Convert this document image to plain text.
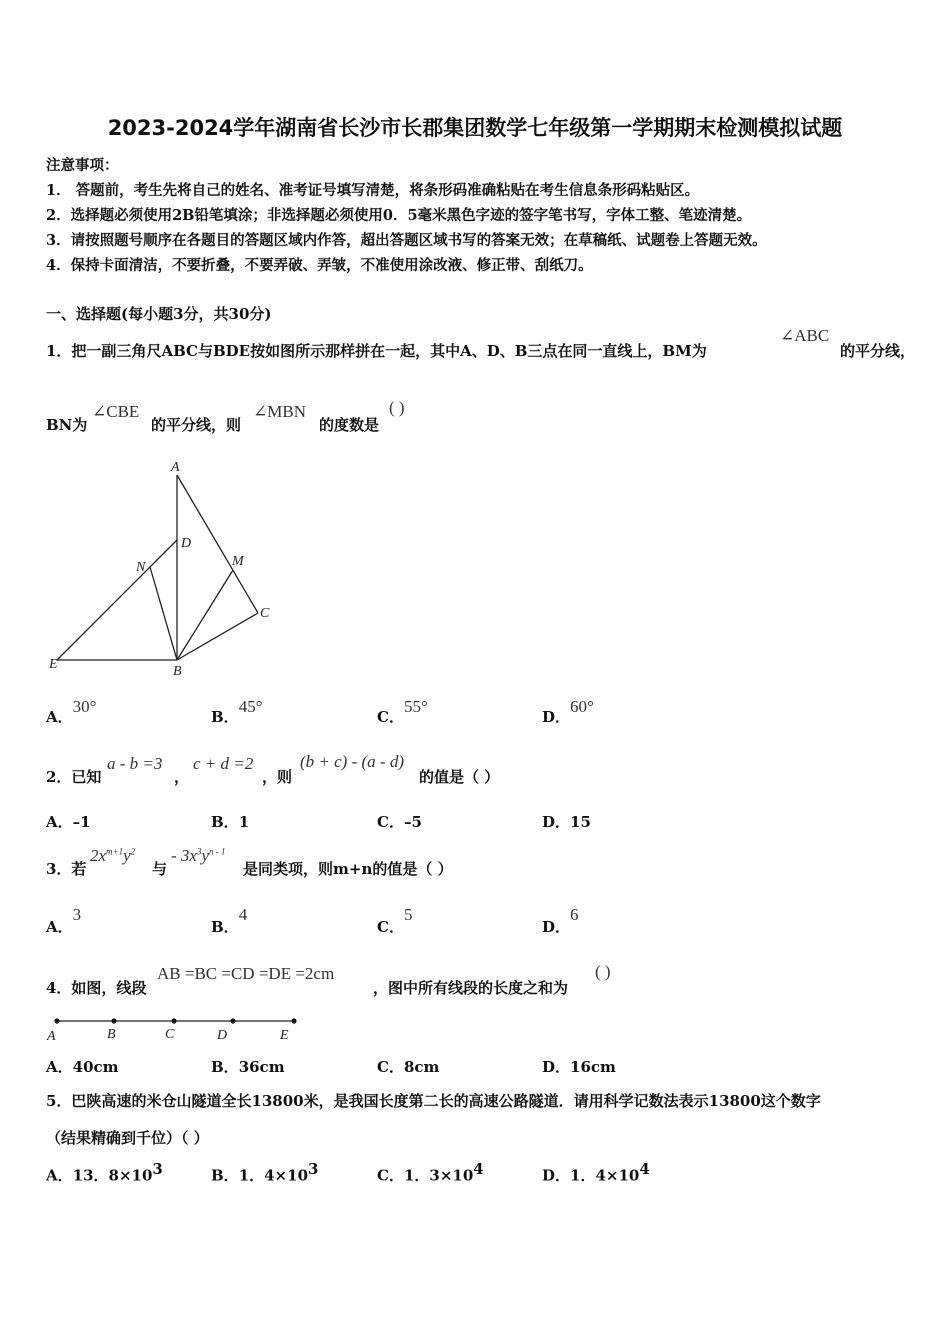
2023-2024学年湖南省长沙市长郡集团数学七年级第一学期期末检测模拟试题
注意事项：
1． 答题前，考生先将自己的姓名、准考证号填写清楚，将条形码准确粘贴在考生信息条形码粘贴区。
2．选择题必须使用2B铅笔填涂；非选择题必须使用0．5毫米黑色字迹的签字笔书写，字体工整、笔迹清楚。
3．请按照题号顺序在各题目的答题区域内作答，超出答题区域书写的答案无效；在草稿纸、试题卷上答题无效。
4．保持卡面清洁，不要折叠，不要弄破、弄皱，不准使用涂改液、修正带、刮纸刀。
一、选择题(每小题3分，共30分)
1．把一副三角尺ABC与BDE按如图所示那样拼在一起，其中A、D、B三点在同一直线上，BM为
∠ABC
的平分线，
BN为
∠CBE
的平分线，则
∠MBN
的度数是
( )
A
D
N	M
C
E	B
A．30°
B．45°
C．55°
D．60°
2．已知
a - b =3
，
c + d =2
，则
(b + c) - (a - d)
的值是（ ）
A．–1	B．1	C．–5	D．15
3．若
$2x^{m+1}y^2$
与
- $3x^3y^{n - 1}$
是同类项，则m+n的值是（ ）
A．3
B．4
C．5
D．6
4．如图，线段
AB =BC =CD =DE =2cm
，图中所有线段的长度之和为
( )
A	B	C	D	E
A．40cm	B．36cm	C．8cm	D．16cm
5．巴陕高速的米仓山隧道全长13800米，是我国长度第二长的高速公路隧道．请用科学记数法表示13800这个数字
（结果精确到千位）（ ）
A．13．$8\times 10^3$	B．1．$4\times 10^3$	C．1．$3\times 10^4$	D．1．$4\times 10^4$
